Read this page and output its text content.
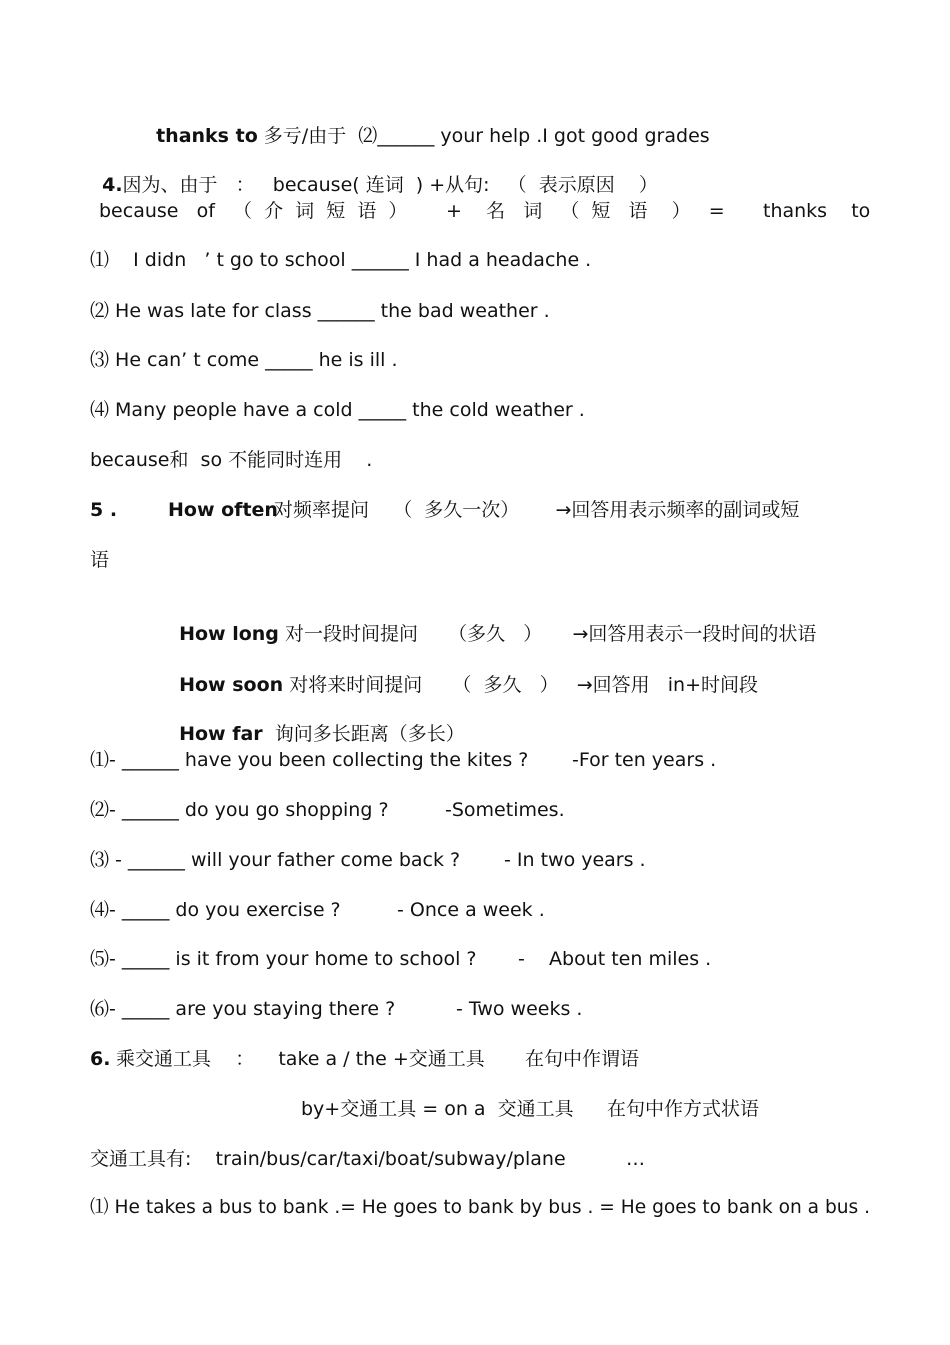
thanks to 多亏/由于 ⑵______ your help .I got good grades

4.因为、由于   ：   because( 连词  ) +从句:   （  表示原因    ）

because   of   （  介  词  短  语  ）

+    名   词   （  短   语    ）   =

thanks    to

⑴    I didn   ’ t go to school ______ I had a headache .
⑵ He was late for class ______ the bad weather .
⑶ He can’ t come _____ he is ill .
⑷ Many people have a cold _____ the cold weather .
because和  so 不能同时连用    .

5 .

	How often

对频率提问    （  多久一次）      →回答用表示频率的副词或短

语

How long 对一段时间提问     （多久   ）     →回答用表示一段时间的状语

How soon 对将来时间提问     （  多久   ）   →回答用   in+时间段

How far  询问多长距离（多长）

⑴- ______ have you been collecting the kites ?

-For ten years .

⑵- ______ do you go shopping ?

	-Sometimes.

⑶ - ______ will your father come back ?

- In two years .

⑷- _____ do you exercise ?

	- Once a week .

⑸- _____ is it from your home to school ?

-    About ten miles .

⑹- _____ are you staying there ?

	- Two weeks .

6.

乘交通工具    ：    take a / the +交通工具

在句中作谓语

by+交通工具 = on a  交通工具

在句中作方式状语

交通工具有:    train/bus/car/taxi/boat/subway/plane

	…

⑴ He takes a bus to bank .= He goes to bank by bus . = He goes to bank on a bus .
